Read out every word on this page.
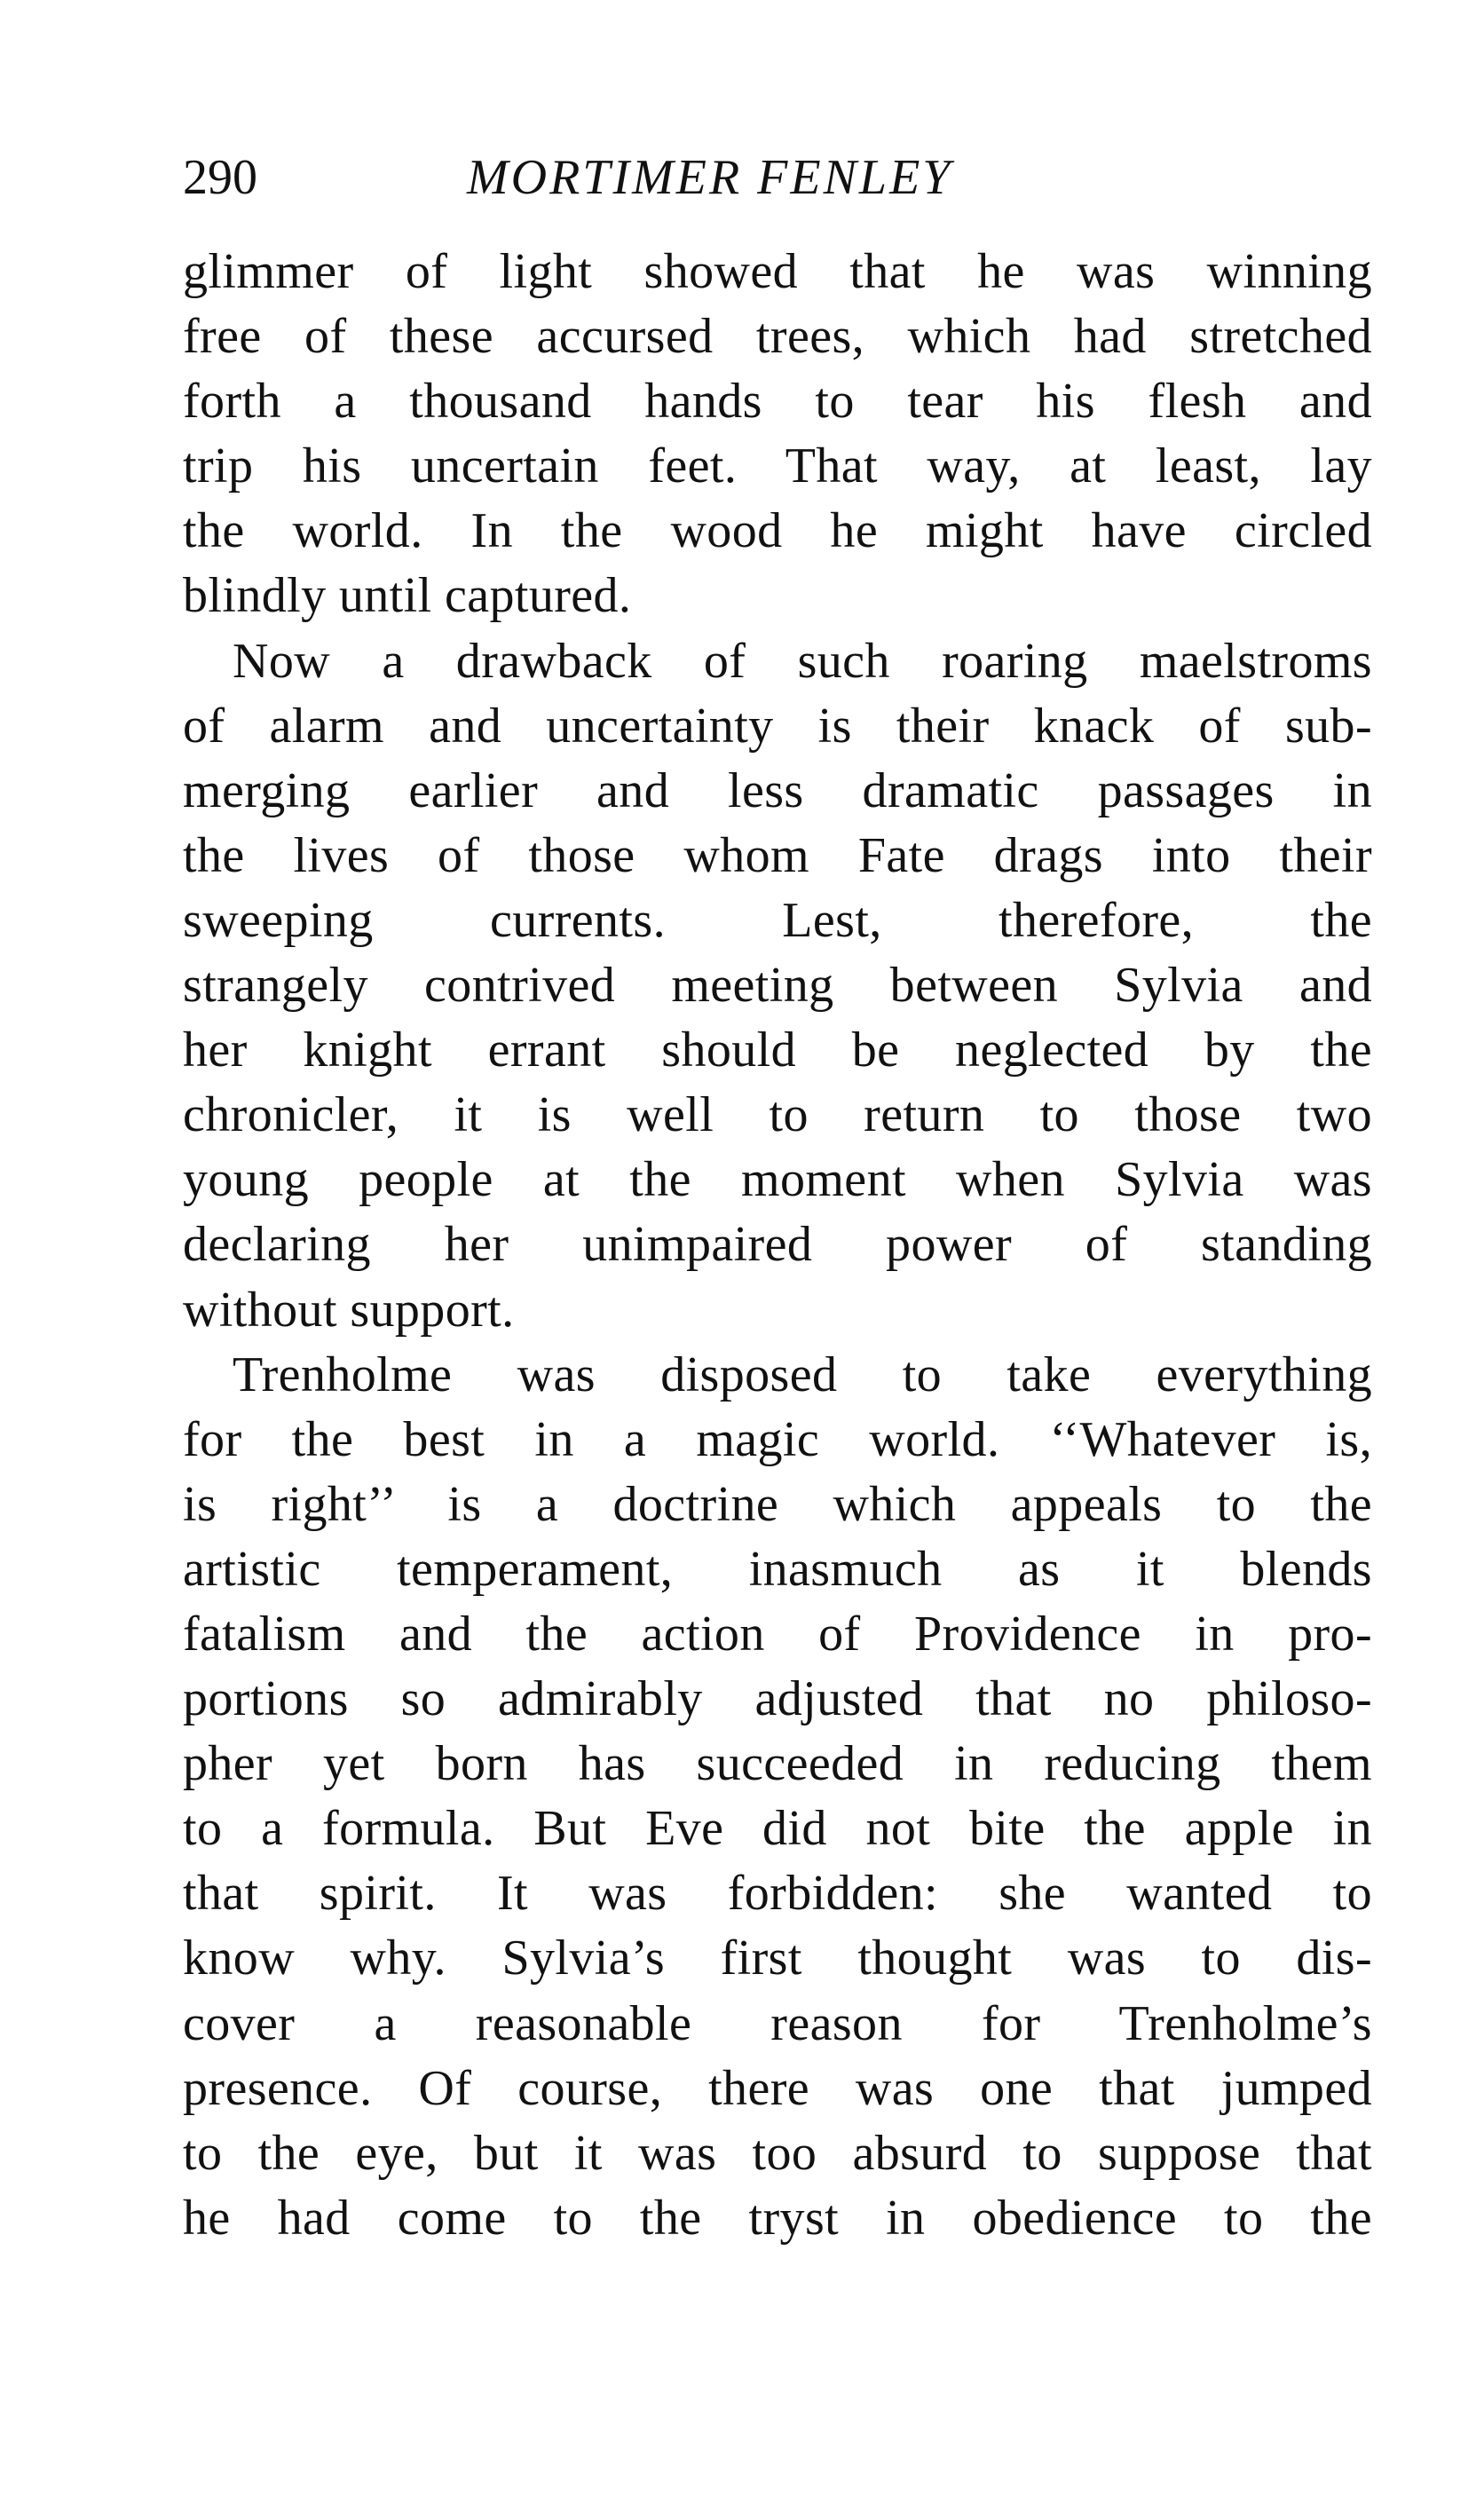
290	MORTIMER FENLEY
glimmer of light showed that he was winning
free of these accursed trees, which had stretched
forth a thousand hands to tear his flesh and
trip his uncertain feet. That way, at least, lay
the world. In the wood he might have circled
blindly until captured.
Now a drawback of such roaring maelstroms
of alarm and uncertainty is their knack of sub-
merging earlier and less dramatic passages in
the lives of those whom Fate drags into their
sweeping currents. Lest, therefore, the
strangely contrived meeting between Sylvia and
her knight errant should be neglected by the
chronicler, it is well to return to those two
young people at the moment when Sylvia was
declaring her unimpaired power of standing
without support.
Trenholme was disposed to take everything
for the best in a magic world. ‘‘Whatever is,
is right’’ is a doctrine which appeals to the
artistic temperament, inasmuch as it blends
fatalism and the action of Providence in pro-
portions so admirably adjusted that no philoso-
pher yet born has succeeded in reducing them
to a formula. But Eve did not bite the apple in
that spirit. It was forbidden: she wanted to
know why. Sylvia’s first thought was to dis-
cover a reasonable reason for Trenholme’s
presence. Of course, there was one that jumped
to the eye, but it was too absurd to suppose that
he had come to the tryst in obedience to the
